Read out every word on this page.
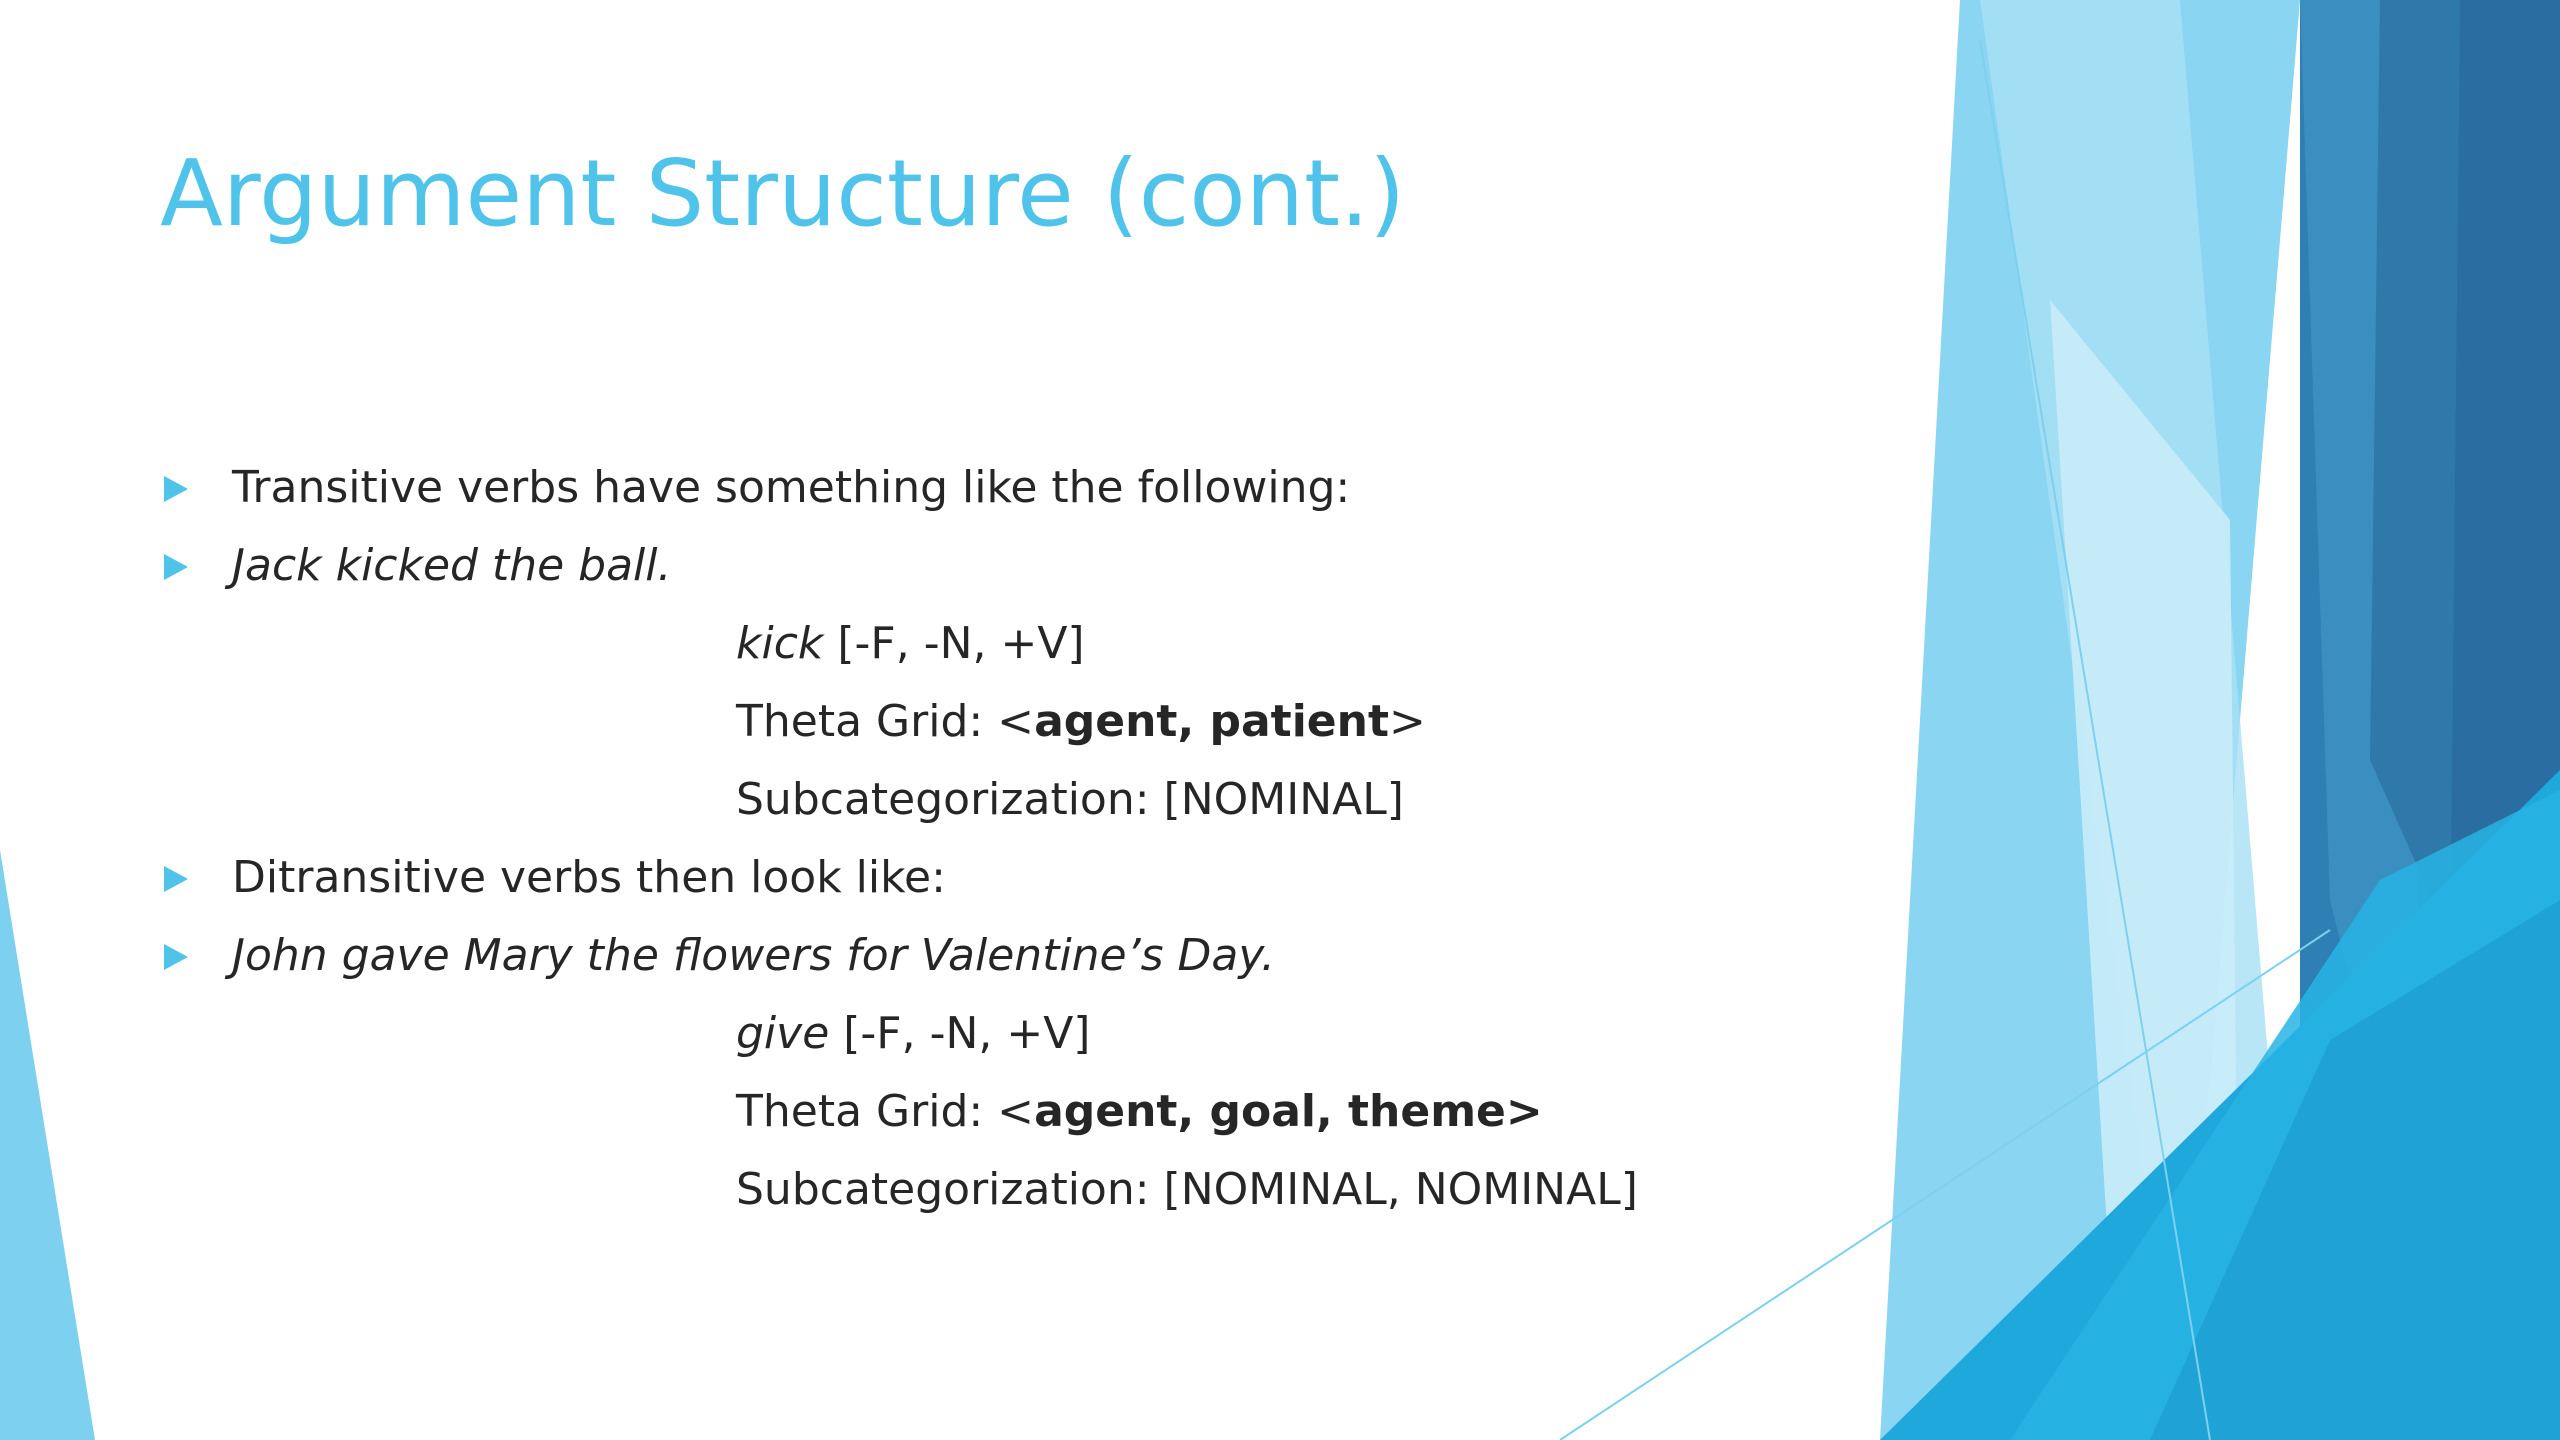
Argument Structure (cont.)
Transitive verbs have something like the following:
Jack kicked the ball.
kick [-F, -N, +V]
Theta Grid: <agent, patient>
Subcategorization: [NOMINAL]
Ditransitive verbs then look like:
John gave Mary the flowers for Valentine’s Day.
give [-F, -N, +V]
Theta Grid: <agent, goal, theme>
Subcategorization: [NOMINAL, NOMINAL]
